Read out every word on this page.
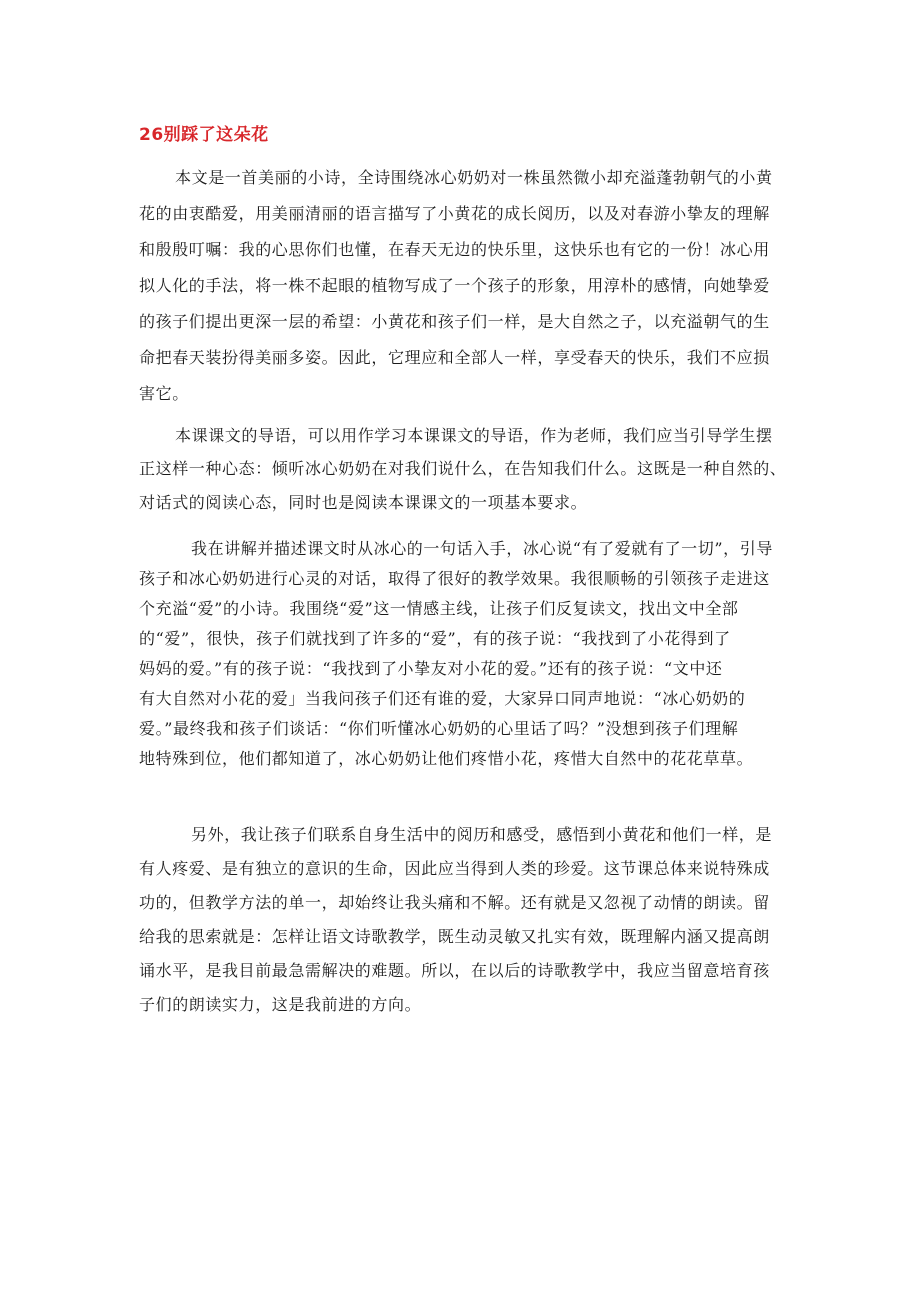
26别踩了这朵花
本文是一首美丽的小诗，全诗围绕冰心奶奶对一株虽然微小却充溢蓬勃朝气的小黄
花的由衷酷爱，用美丽清丽的语言描写了小黄花的成长阅历，以及对春游小挚友的理解
和殷殷叮嘱：我的心思你们也懂，在春天无边的快乐里，这快乐也有它的一份！冰心用
拟人化的手法，将一株不起眼的植物写成了一个孩子的形象，用淳朴的感情，向她挚爱
的孩子们提出更深一层的希望：小黄花和孩子们一样，是大自然之子，以充溢朝气的生
命把春天装扮得美丽多姿。因此，它理应和全部人一样，享受春天的快乐，我们不应损
害它。
本课课文的导语，可以用作学习本课课文的导语，作为老师，我们应当引导学生摆
正这样一种心态：倾听冰心奶奶在对我们说什么，在告知我们什么。这既是一种自然的、
对话式的阅读心态，同时也是阅读本课课文的一项基本要求。
我在讲解并描述课文时从冰心的一句话入手，冰心说“有了爱就有了一切”，引导
孩子和冰心奶奶进行心灵的对话，取得了很好的教学效果。我很顺畅的引领孩子走进这
个充溢“爱”的小诗。我围绕“爱”这一情感主线，让孩子们反复读文，找出文中全部
的“爱”，很快，孩子们就找到了许多的“爱”，有的孩子说：“我找到了小花得到了
妈妈的爱。”有的孩子说：“我找到了小挚友对小花的爱。”还有的孩子说：“文中还
有大自然对小花的爱」当我问孩子们还有谁的爱，大家异口同声地说：“冰心奶奶的
爱。”最终我和孩子们谈话：“你们听懂冰心奶奶的心里话了吗？”没想到孩子们理解
地特殊到位，他们都知道了，冰心奶奶让他们疼惜小花，疼惜大自然中的花花草草。
另外，我让孩子们联系自身生活中的阅历和感受，感悟到小黄花和他们一样，是
有人疼爱、是有独立的意识的生命，因此应当得到人类的珍爱。这节课总体来说特殊成
功的，但教学方法的单一，却始终让我头痛和不解。还有就是又忽视了动情的朗读。留
给我的思索就是：怎样让语文诗歌教学，既生动灵敏又扎实有效，既理解内涵又提高朗
诵水平，是我目前最急需解决的难题。所以，在以后的诗歌教学中，我应当留意培育孩
子们的朗读实力，这是我前进的方向。
